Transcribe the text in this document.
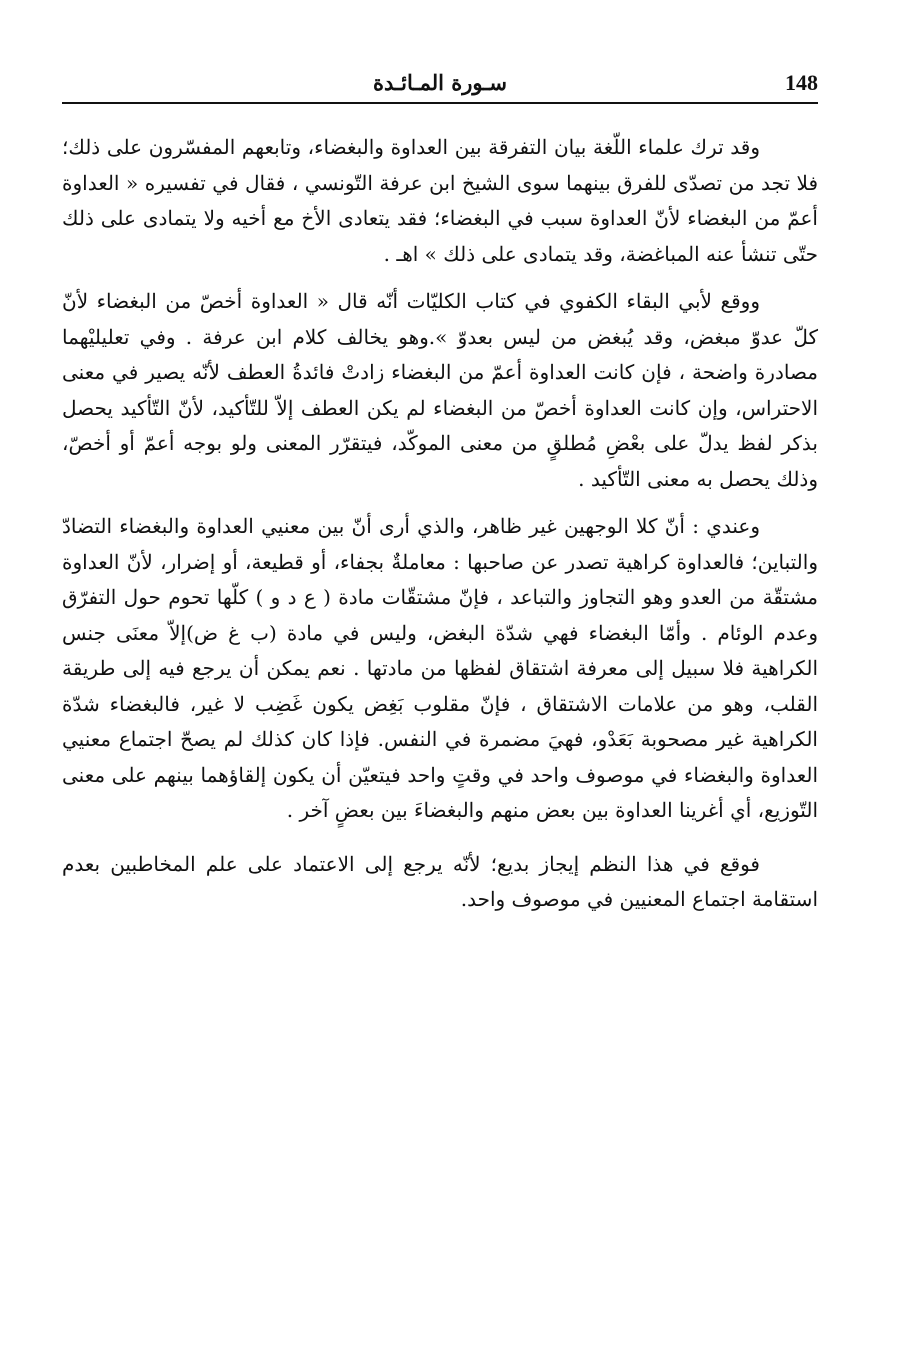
148
سـورة المـائـدة

وقد ترك علماء اللّغة بيان التفرقة بين العداوة والبغضاء، وتابعهم المفسّرون على ذلك؛ فلا تجد من تصدّى للفرق بينهما سوى الشيخ ابن عرفة التّونسي ، فقال في تفسيره « العداوة أعمّ من البغضاء لأنّ العداوة سبب في البغضاء؛ فقد يتعادى الأخ مع أخيه ولا يتمادى على ذلك حتّى تنشأ عنه المباغضة، وقد يتمادى على ذلك » اهـ .

ووقع لأبي البقاء الكفوي في كتاب الكليّات أنّه قال « العداوة أخصّ من البغضاء لأنّ كلّ عدوّ مبغض، وقد يُبغض من ليس بعدوّ ».وهو يخالف كلام ابن عرفة . وفي تعليليْهما مصادرة واضحة ، فإن كانت العداوة أعمّ من البغضاء زادتْ فائدةُ العطف لأنّه يصير في معنى الاحتراس، وإن كانت العداوة أخصّ من البغضاء لم يكن العطف إلاّ للتّأكيد، لأنّ التّأكيد يحصل بذكر لفظ يدلّ على بعْضِ مُطلقٍ من معنى الموكّد، فيتقرّر المعنى ولو بوجه أعمّ أو أخصّ، وذلك يحصل به معنى التّأكيد .

وعندي : أنّ كلا الوجهين غير ظاهر، والذي أرى أنّ بين معنيي العداوة والبغضاء التضادّ والتباين؛ فالعداوة كراهية تصدر عن صاحبها : معاملةٌ بجفاء، أو قطيعة، أو إضرار، لأنّ العداوة مشتقّة من العدو وهو التجاوز والتباعد ، فإنّ مشتقّات مادة ( ع د و ) كلّها تحوم حول التفرّق وعدم الوئام . وأمّا البغضاء فهي شدّة البغض، وليس في مادة (ب غ ض)إلاّ معنَى جنس الكراهية فلا سبيل إلى معرفة اشتقاق لفظها من مادتها . نعم يمكن أن يرجع فيه إلى طريقة القلب، وهو من علامات الاشتقاق ، فإنّ مقلوب بَغِض يكون غَضِب لا غير، فالبغضاء شدّة الكراهية غير مصحوبة بَعَدْو، فهيَ مضمرة في النفس. فإذا كان كذلك لم يصحّ اجتماع معنيي العداوة والبغضاء في موصوف واحد في وقتٍ واحد فيتعيّن أن يكون إلقاؤهما بينهم على معنى التّوزيع، أي أغرينا العداوة بين بعض منهم والبغضاءَ بين بعضٍ آخر .

فوقع في هذا النظم إيجاز بديع؛ لأنّه يرجع إلى الاعتماد على علم المخاطبين بعدم استقامة اجتماع المعنيين في موصوف واحد.
